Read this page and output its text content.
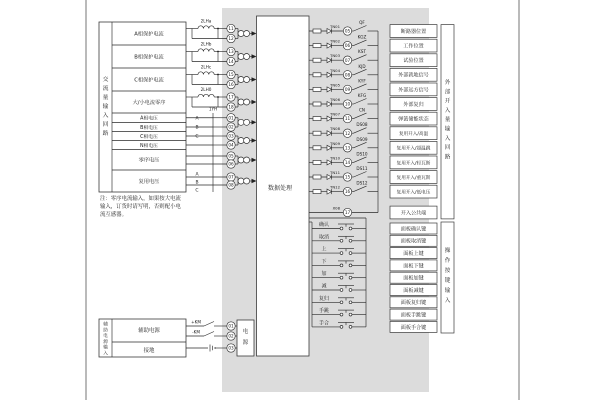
A相保护电流
B相保护电流
C相保护电流
大/小电流零序
A相电压
B相电压
C相电压
N相电压
零序电压
复用电压
交
流
量
输
入
回
路
注：零序电流输入，如果按大电流
输入，订货时请写明，否则配小电
流互感器。
2LHa
11
12
2LHb
13
14
2LHc
15
16
2LH0
17
18
1YH
A
B
C
01
02
03
04
05
06
A
B
C
07
08	数据处理
TN01
05
QF
断路器位置
TN02
06
KGZ
工作位置
TN03
07
KST
试验位置
TN04
08
KJD
外部就地信号
TN05
09
KYF
外部远方信号
TN06
10
KFG
外部复归
TN07
11
CN
弹簧储能状态
TN08
12
DS08
复用开入/高温
TN09
13
DS09
复用开入/超温跳
TN10
14
DS10
复用开入/轻瓦斯
TN11
15
DS11
复用开入/重瓦斯
TN12
16
DS12
复用开入/低电压
17
X08
开入公共端
外
部
开
入
量
输
入
回
路
确认
面板确认键
取消
面板取消键
上
面板上键
下
面板下键
加
面板加键
减
面板减键
复归
面板复归键
手跳
面板手跳键
手合
面板手合键
操
作
按
键
输
入
辅助电源
接地
辅
助
电
源
输
入
+KM
01
-KM
02
03
电
源
